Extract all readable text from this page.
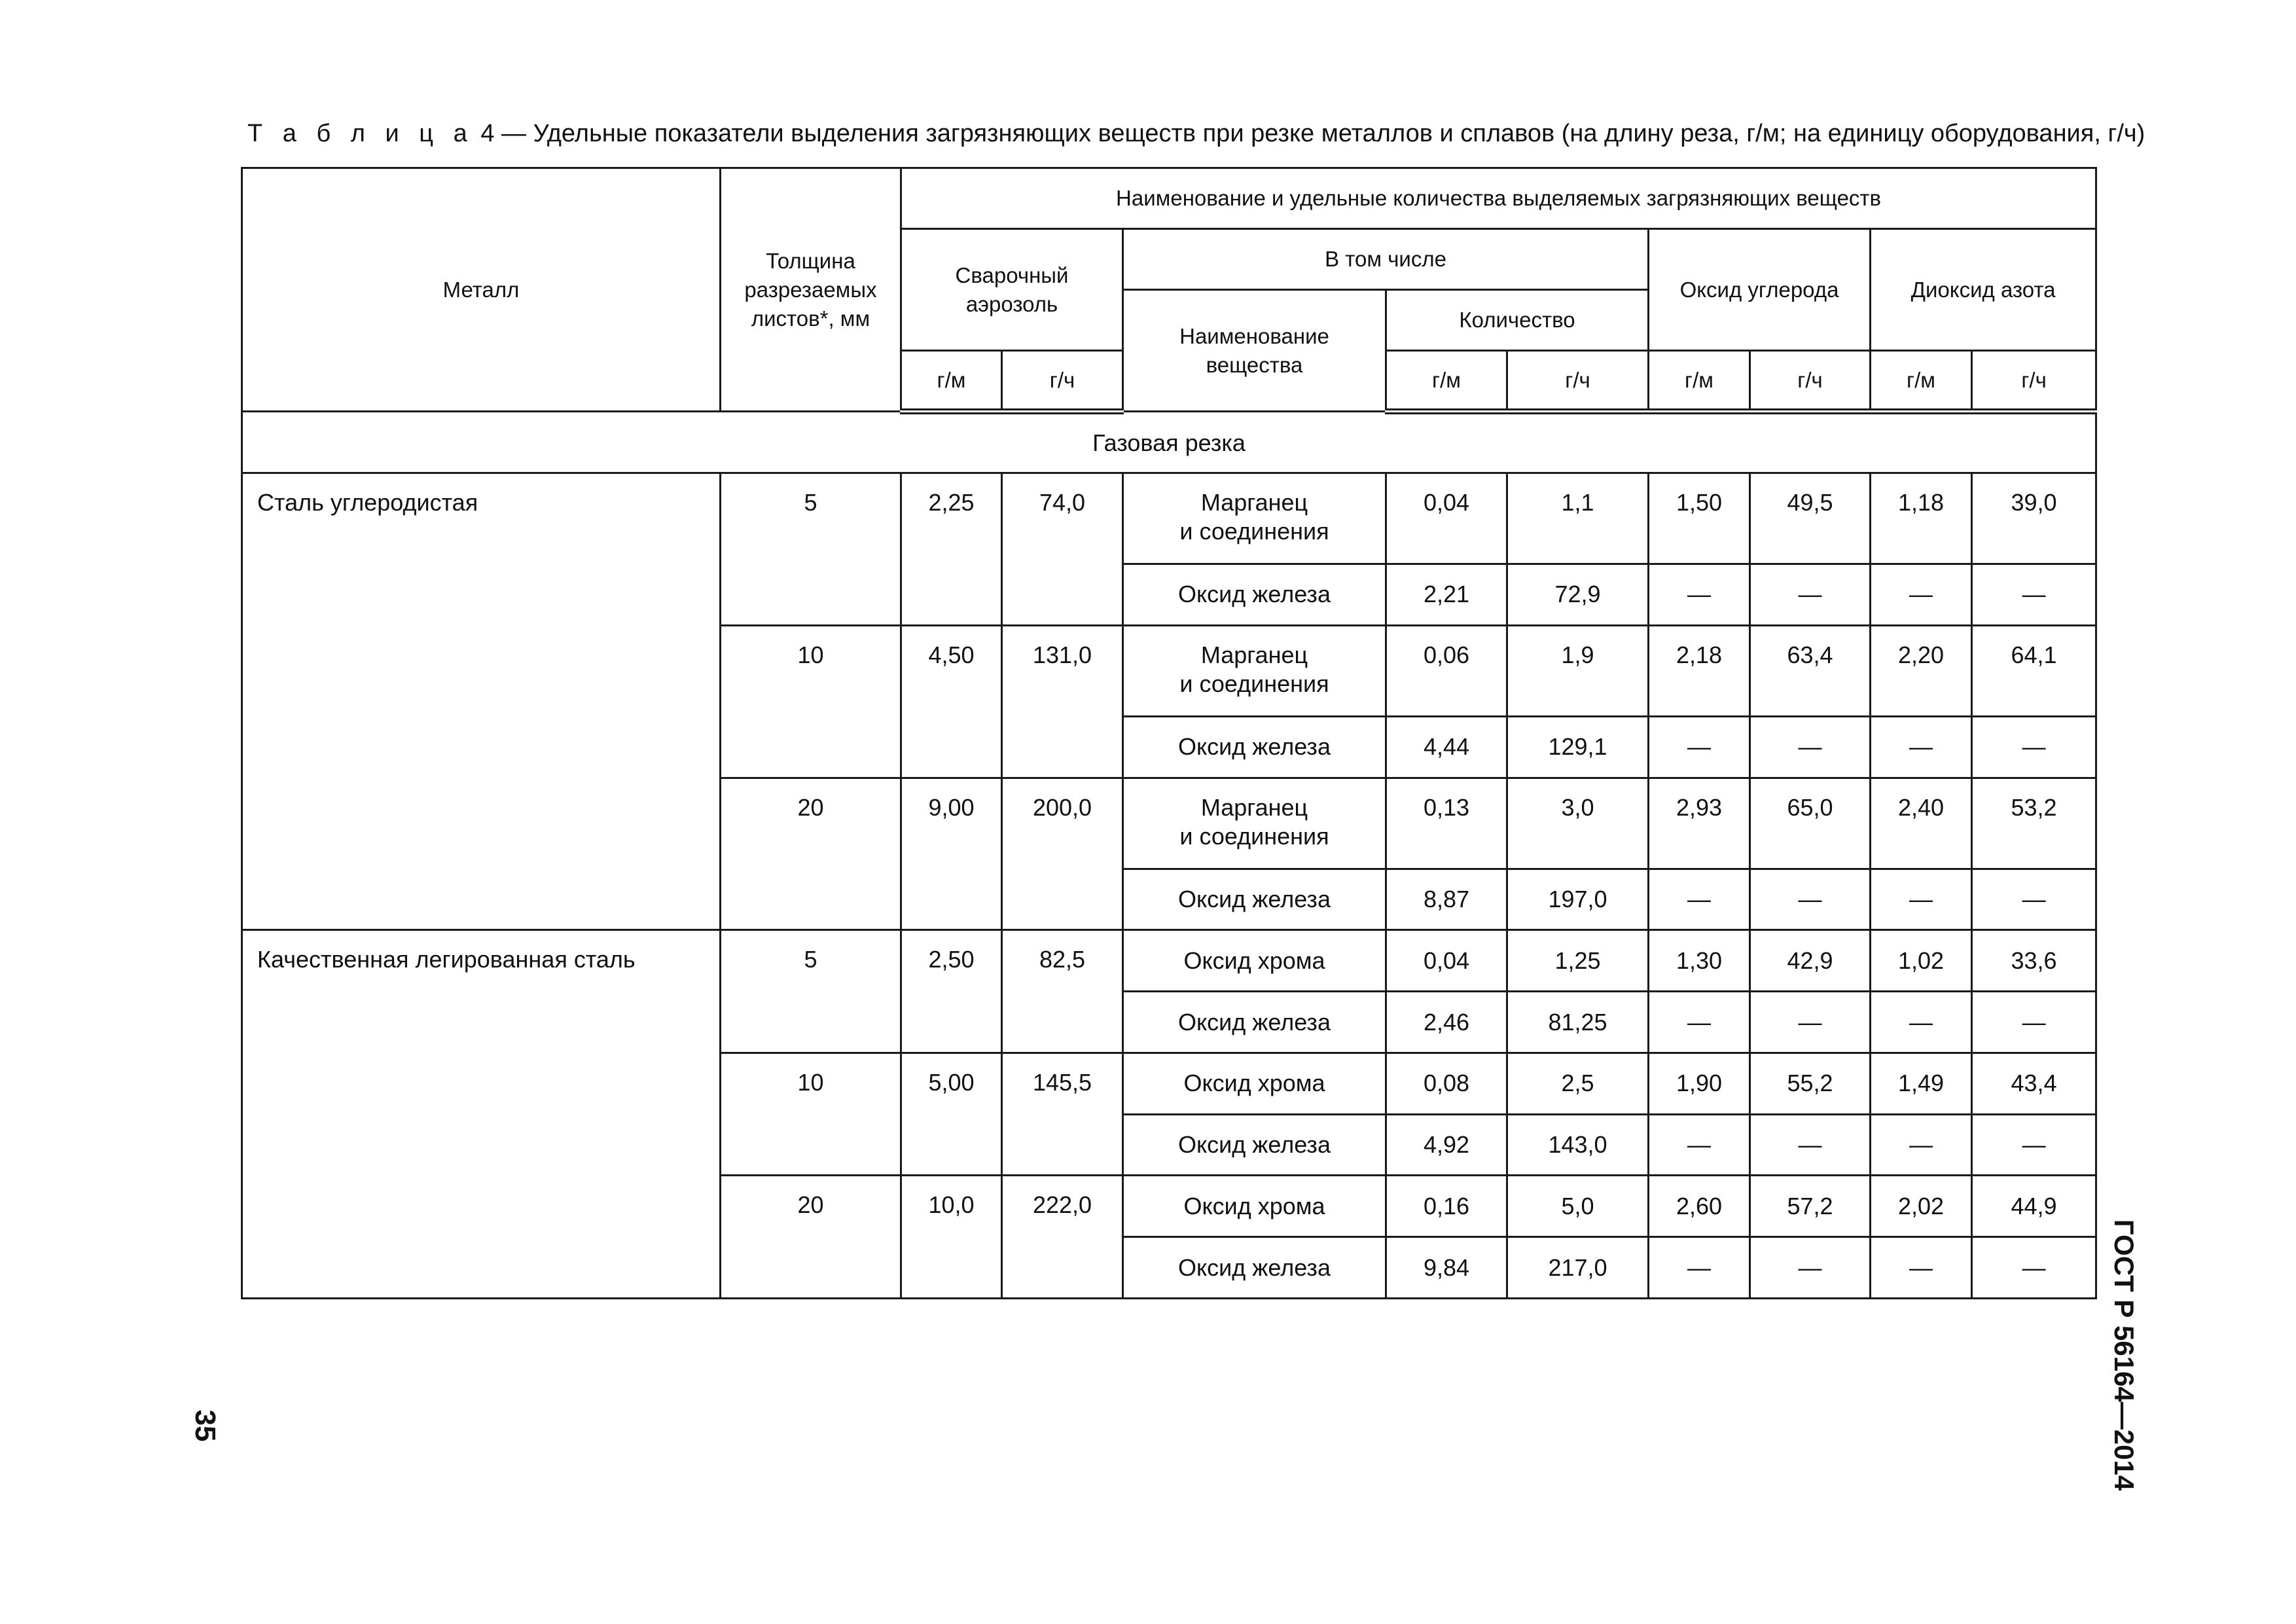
Т а б л и ц а 4 — Удельные показатели выделения загрязняющих веществ при резке металлов и сплавов (на длину реза, г/м; на единицу оборудования, г/ч)
Металл	Толщина
разрезаемых
листов*, мм	Наименование и удельные количества выделяемых загрязняющих веществ								
		Сварочный
аэрозоль		В том числе			Оксид углерода		Диоксид азота	
				Наименование
вещества	Количество					
		г/м	г/ч		г/м	г/ч	г/м	г/ч	г/м	г/ч
Газовая резка										
Сталь углеродистая	5	2,25	74,0	Марганец
и соединения	0,04	1,1	1,50	49,5	1,18	39,0
				Оксид железа	2,21	72,9	—	—	—	—
	10	4,50	131,0	Марганец
и соединения	0,06	1,9	2,18	63,4	2,20	64,1
				Оксид железа	4,44	129,1	—	—	—	—
	20	9,00	200,0	Марганец
и соединения	0,13	3,0	2,93	65,0	2,40	53,2
				Оксид железа	8,87	197,0	—	—	—	—
Качественная легированная сталь	5	2,50	82,5	Оксид хрома	0,04	1,25	1,30	42,9	1,02	33,6
				Оксид железа	2,46	81,25	—	—	—	—
	10	5,00	145,5	Оксид хрома	0,08	2,5	1,90	55,2	1,49	43,4
				Оксид железа	4,92	143,0	—	—	—	—
	20	10,0	222,0	Оксид хрома	0,16	5,0	2,60	57,2	2,02	44,9
				Оксид железа	9,84	217,0	—	—	—	—
35	ГОСТ Р 56164—2014
